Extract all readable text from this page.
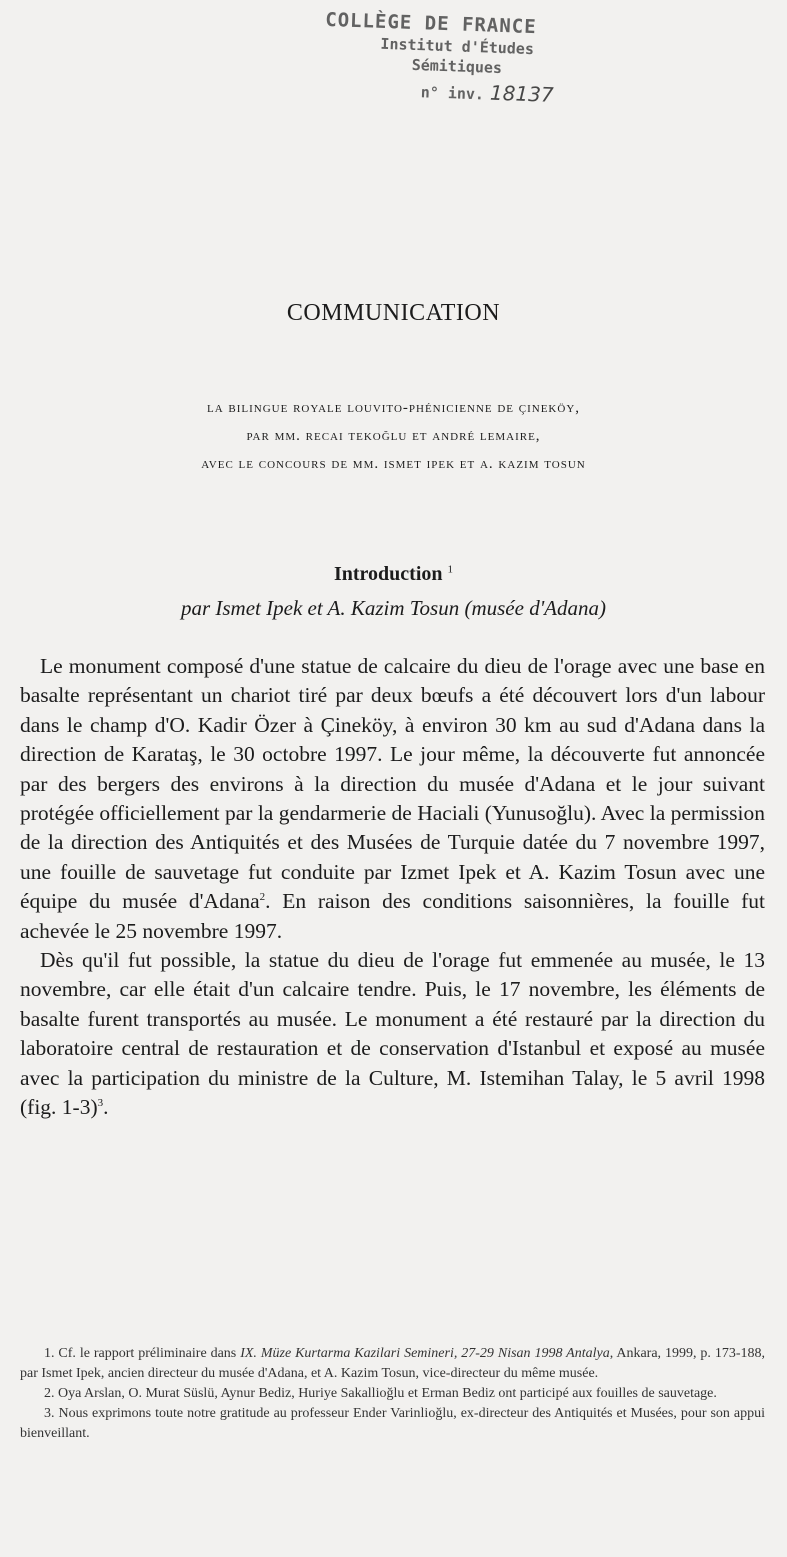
COLLÈGE DE FRANCE
Institut d'Études
Sémitiques
n° inv. 18137
COMMUNICATION
la bilingue royale louvito-phénicienne de çineköy,
par mm. recai tekoğlu et andré lemaire,
avec le concours de mm. ismet ipek et a. kazim tosun
Introduction $^1$
par Ismet Ipek et A. Kazim Tosun (musée d'Adana)

Le monument composé d'une statue de calcaire du dieu de l'orage avec une base en basalte représentant un chariot tiré par deux bœufs a été découvert lors d'un labour dans le champ d'O. Kadir Özer à Çineköy, à environ 30 km au sud d'Adana dans la direction de Karataş, le 30 octobre 1997. Le jour même, la découverte fut annoncée par des bergers des environs à la direction du musée d'Adana et le jour suivant protégée officiellement par la gendarmerie de Haciali (Yunusoğlu). Avec la permission de la direction des Antiquités et des Musées de Turquie datée du 7 novembre 1997, une fouille de sauvetage fut conduite par Izmet Ipek et A. Kazim Tosun avec une équipe du musée d'Adana$^2$. En raison des conditions saisonnières, la fouille fut achevée le 25 novembre 1997.

Dès qu'il fut possible, la statue du dieu de l'orage fut emmenée au musée, le 13 novembre, car elle était d'un calcaire tendre. Puis, le 17 novembre, les éléments de basalte furent transportés au musée. Le monument a été restauré par la direction du laboratoire central de restauration et de conservation d'Istanbul et exposé au musée avec la participation du ministre de la Culture, M. Istemihan Talay, le 5 avril 1998 (fig. 1-3)$^3$.

1. Cf. le rapport préliminaire dans IX. Müze Kurtarma Kazilari Semineri, 27-29 Nisan 1998 Antalya, Ankara, 1999, p. 173-188, par Ismet Ipek, ancien directeur du musée d'Adana, et A. Kazim Tosun, vice-directeur du même musée.

2. Oya Arslan, O. Murat Süslü, Aynur Bediz, Huriye Sakallioğlu et Erman Bediz ont participé aux fouilles de sauvetage.

3. Nous exprimons toute notre gratitude au professeur Ender Varinlioğlu, ex-directeur des Antiquités et Musées, pour son appui bienveillant.
